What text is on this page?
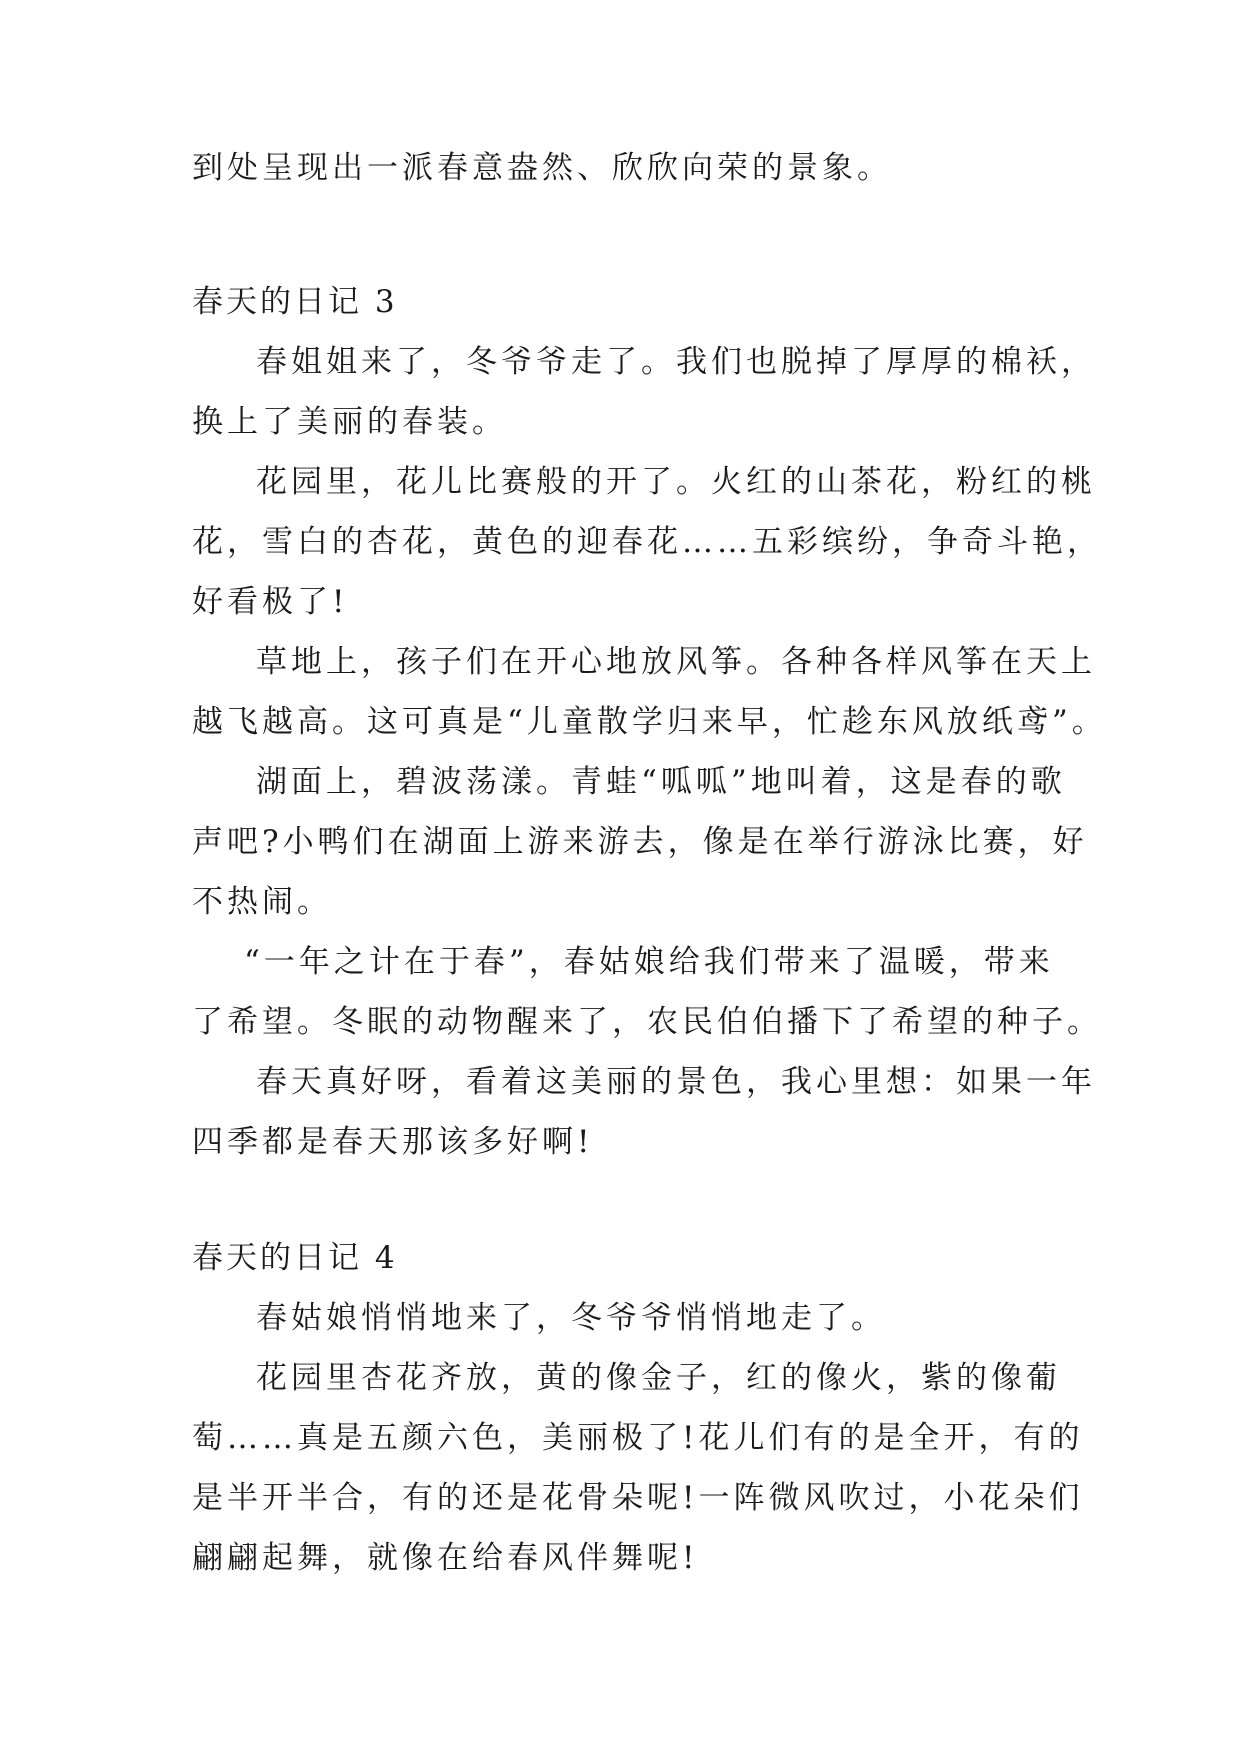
到处呈现出一派春意盎然、欣欣向荣的景象。

春天的日记 3

春姐姐来了，冬爷爷走了。我们也脱掉了厚厚的棉袄，

换上了美丽的春装。

花园里，花儿比赛般的开了。火红的山茶花，粉红的桃

花，雪白的杏花，黄色的迎春花……五彩缤纷，争奇斗艳，

好看极了!

草地上，孩子们在开心地放风筝。各种各样风筝在天上

越飞越高。这可真是“儿童散学归来早，忙趁东风放纸鸢”。

湖面上，碧波荡漾。青蛙“呱呱”地叫着，这是春的歌

声吧?小鸭们在湖面上游来游去，像是在举行游泳比赛，好

不热闹。

“一年之计在于春”，春姑娘给我们带来了温暖，带来

了希望。冬眠的动物醒来了，农民伯伯播下了希望的种子。

春天真好呀，看着这美丽的景色，我心里想：如果一年

四季都是春天那该多好啊!

春天的日记 4

春姑娘悄悄地来了，冬爷爷悄悄地走了。

花园里杏花齐放，黄的像金子，红的像火，紫的像葡

萄……真是五颜六色，美丽极了!花儿们有的是全开，有的

是半开半合，有的还是花骨朵呢!一阵微风吹过，小花朵们

翩翩起舞，就像在给春风伴舞呢!
